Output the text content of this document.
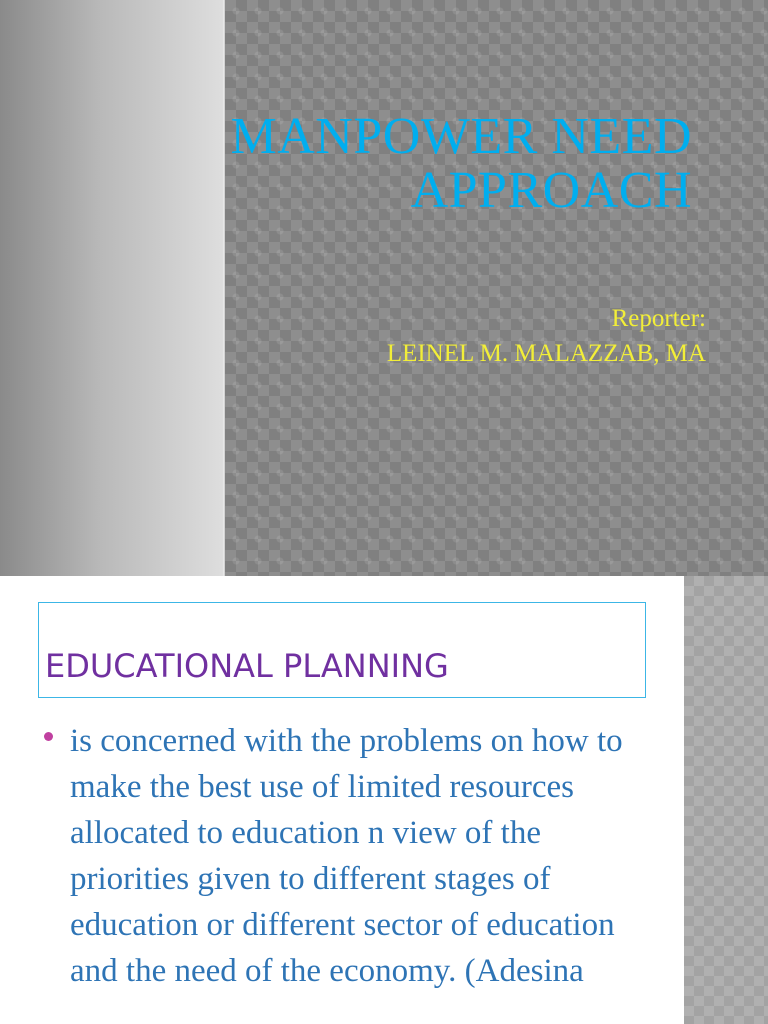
MANPOWER NEED
APPROACH
Reporter:
LEINEL M. MALAZZAB, MA
EDUCATIONAL PLANNING

is concerned with the problems on how to make the best use of limited resources allocated to education n view of the priorities given to different stages of education or different sector of education and the need of the economy. (Adesina
